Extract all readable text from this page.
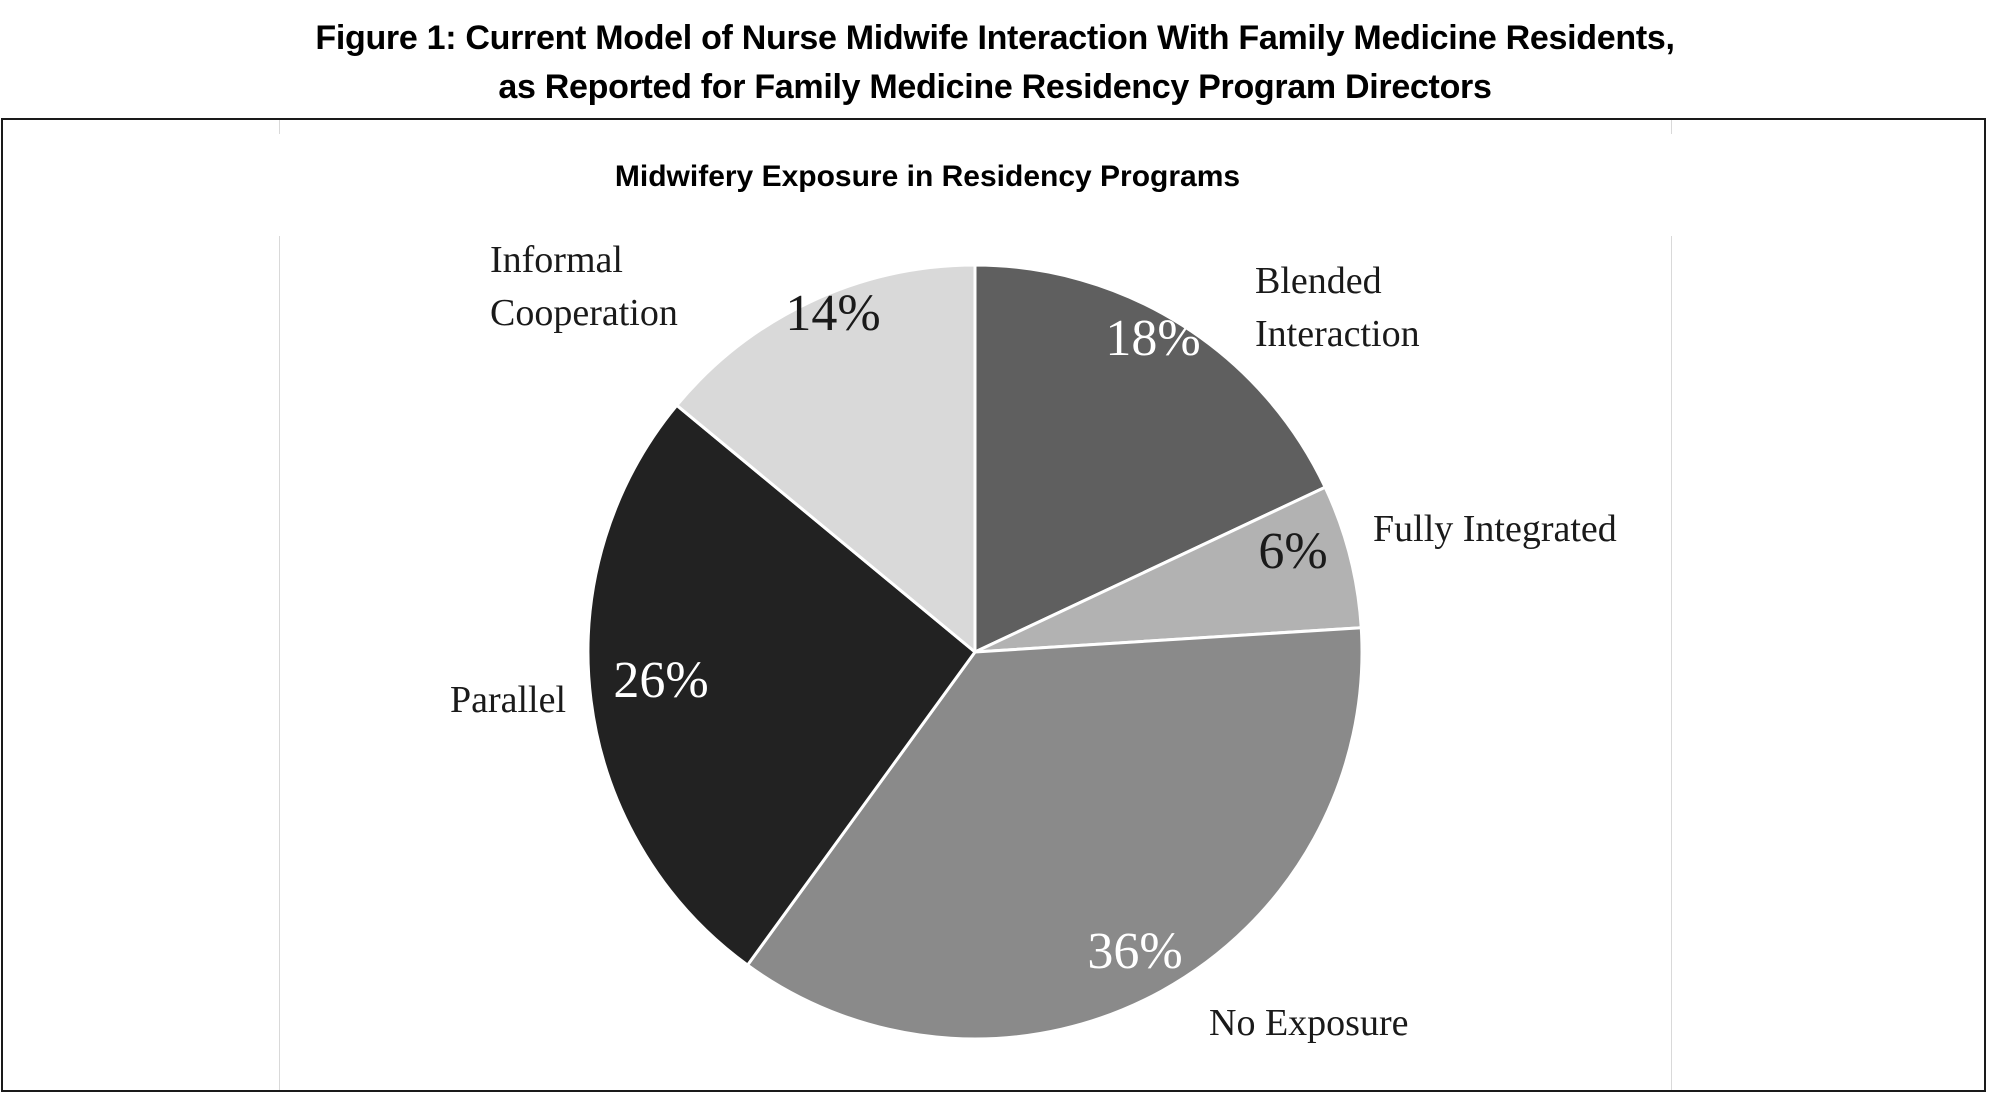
Figure 1: Current Model of Nurse Midwife Interaction With Family Medicine Residents,
as Reported for Family Medicine Residency Program Directors
Midwifery Exposure in Residency Programs
18%
6%
36%
26%
14%
Blended Interaction
Fully Integrated
No Exposure
Parallel
Informal Cooperation
